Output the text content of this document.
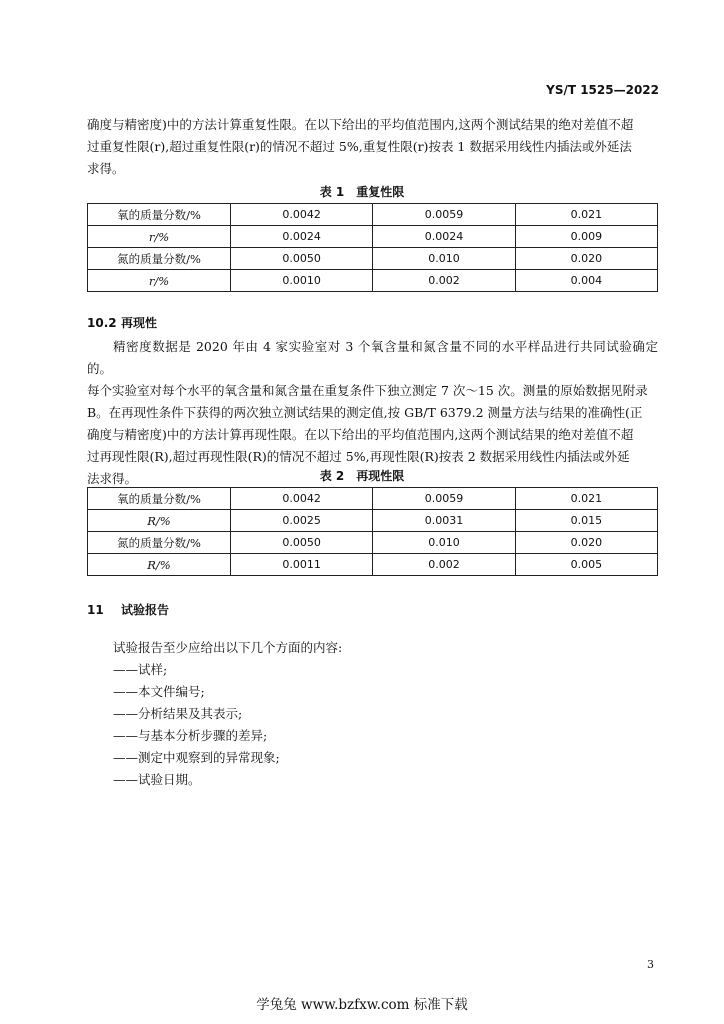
YS/T 1525—2022

确度与精密度)中的方法计算重复性限。在以下给出的平均值范围内,这两个测试结果的绝对差值不超

过重复性限(r),超过重复性限(r)的情况不超过 5%,重复性限(r)按表 1 数据采用线性内插法或外延法

求得。

表 1 重复性限
氧的质量分数/%	0.0042	0.0059	0.021
r/%	0.0024	0.0024	0.009
氮的质量分数/%	0.0050	0.010	0.020
r/%	0.0010	0.002	0.004
10.2 再现性

精密度数据是 2020 年由 4 家实验室对 3 个氧含量和氮含量不同的水平样品进行共同试验确定的。

每个实验室对每个水平的氧含量和氮含量在重复条件下独立测定 7 次～15 次。测量的原始数据见附录

B。在再现性条件下获得的两次独立测试结果的测定值,按 GB/T 6379.2 测量方法与结果的准确性(正

确度与精密度)中的方法计算再现性限。在以下给出的平均值范围内,这两个测试结果的绝对差值不超

过再现性限(R),超过再现性限(R)的情况不超过 5%,再现性限(R)按表 2 数据采用线性内插法或外延

法求得。	表 2 再现性限
氧的质量分数/%	0.0042	0.0059	0.021
R/%	0.0025	0.0031	0.015
氮的质量分数/%	0.0050	0.010	0.020
R/%	0.0011	0.002	0.005
11 试验报告
试验报告至少应给出以下几个方面的内容:
——试样;
——本文件编号;
——分析结果及其表示;
——与基本分析步骤的差异;
——测定中观察到的异常现象;
——试验日期。
3
学兔兔 www.bzfxw.com 标准下载
